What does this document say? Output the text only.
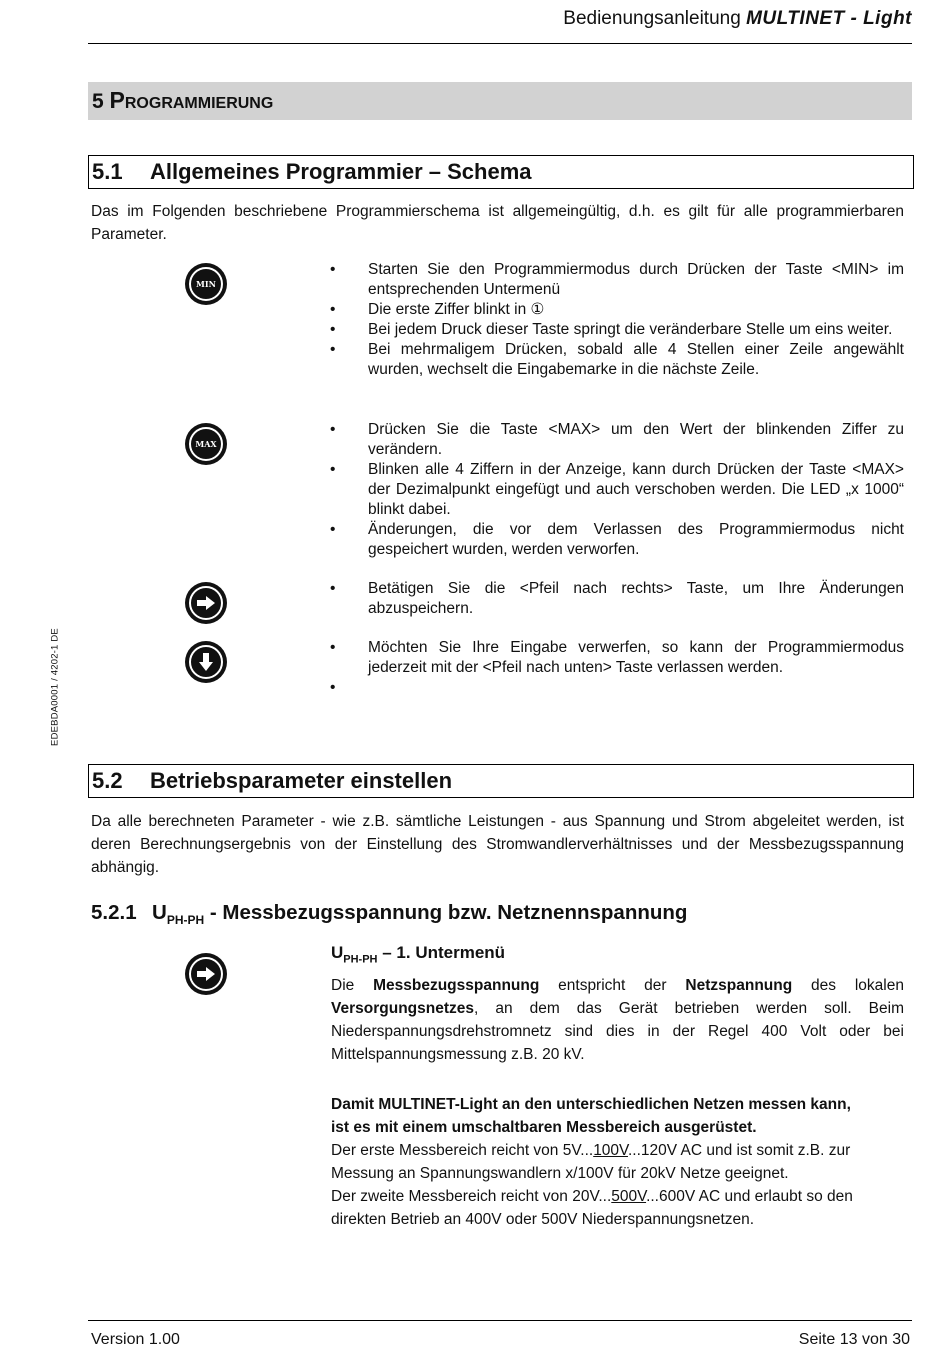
Bedienungsanleitung MULTINET - Light
5 Programmierung
5.1 Allgemeines Programmier – Schema
Das im Folgenden beschriebene Programmierschema ist allgemeingültig, d.h. es gilt für alle programmierbaren Parameter.
MIN
• Starten Sie den Programmiermodus durch Drücken der Taste <MIN> im entsprechenden Untermenü
• Die erste Ziffer blinkt in ①
• Bei jedem Druck dieser Taste springt die veränderbare Stelle um eins weiter.
• Bei mehrmaligem Drücken, sobald alle 4 Stellen einer Zeile angewählt wurden, wechselt die Eingabemarke in die nächste Zeile.
MAX
• Drücken Sie die Taste <MAX> um den Wert der blinkenden Ziffer zu verändern.
• Blinken alle 4 Ziffern in der Anzeige, kann durch Drücken der Taste <MAX> der Dezimalpunkt eingefügt und auch verschoben werden. Die LED „x 1000“ blinkt dabei.
• Änderungen, die vor dem Verlassen des Programmiermodus nicht gespeichert wurden, werden verworfen.
• Betätigen Sie die <Pfeil nach rechts> Taste, um Ihre Änderungen abzuspeichern.
• Möchten Sie Ihre Eingabe verwerfen, so kann der Programmiermodus jederzeit mit der <Pfeil nach unten> Taste verlassen werden.
•
EDEBDA0001 / 4202-1 DE
5.2 Betriebsparameter einstellen
Da alle berechneten Parameter - wie z.B. sämtliche Leistungen - aus Spannung und Strom abgeleitet werden, ist deren Berechnungsergebnis von der Einstellung des Stromwandlerverhältnisses und der Messbezugsspannung abhängig.
5.2.1 $U_{PH-PH}$ - Messbezugsspannung bzw. Netznennspannung
$U_{PH-PH} - 1$. Untermenü
Die Messbezugsspannung entspricht der Netzspannung des lokalen Versorgungsnetzes, an dem das Gerät betrieben werden soll. Beim Niederspannungsdrehstromnetz sind dies in der Regel 400 Volt oder bei Mittelspannungsmessung z.B. 20 kV.
Damit MULTINET-Light an den unterschiedlichen Netzen messen kann, ist es mit einem umschaltbaren Messbereich ausgerüstet.
Der erste Messbereich reicht von 5V...100V...120V AC und ist somit z.B. zur Messung an Spannungswandlern x/100V für 20kV Netze geeignet.
Der zweite Messbereich reicht von 20V...500V...600V AC und erlaubt so den direkten Betrieb an 400V oder 500V Niederspannungsnetzen.
Version 1.00	Seite 13 von 30
